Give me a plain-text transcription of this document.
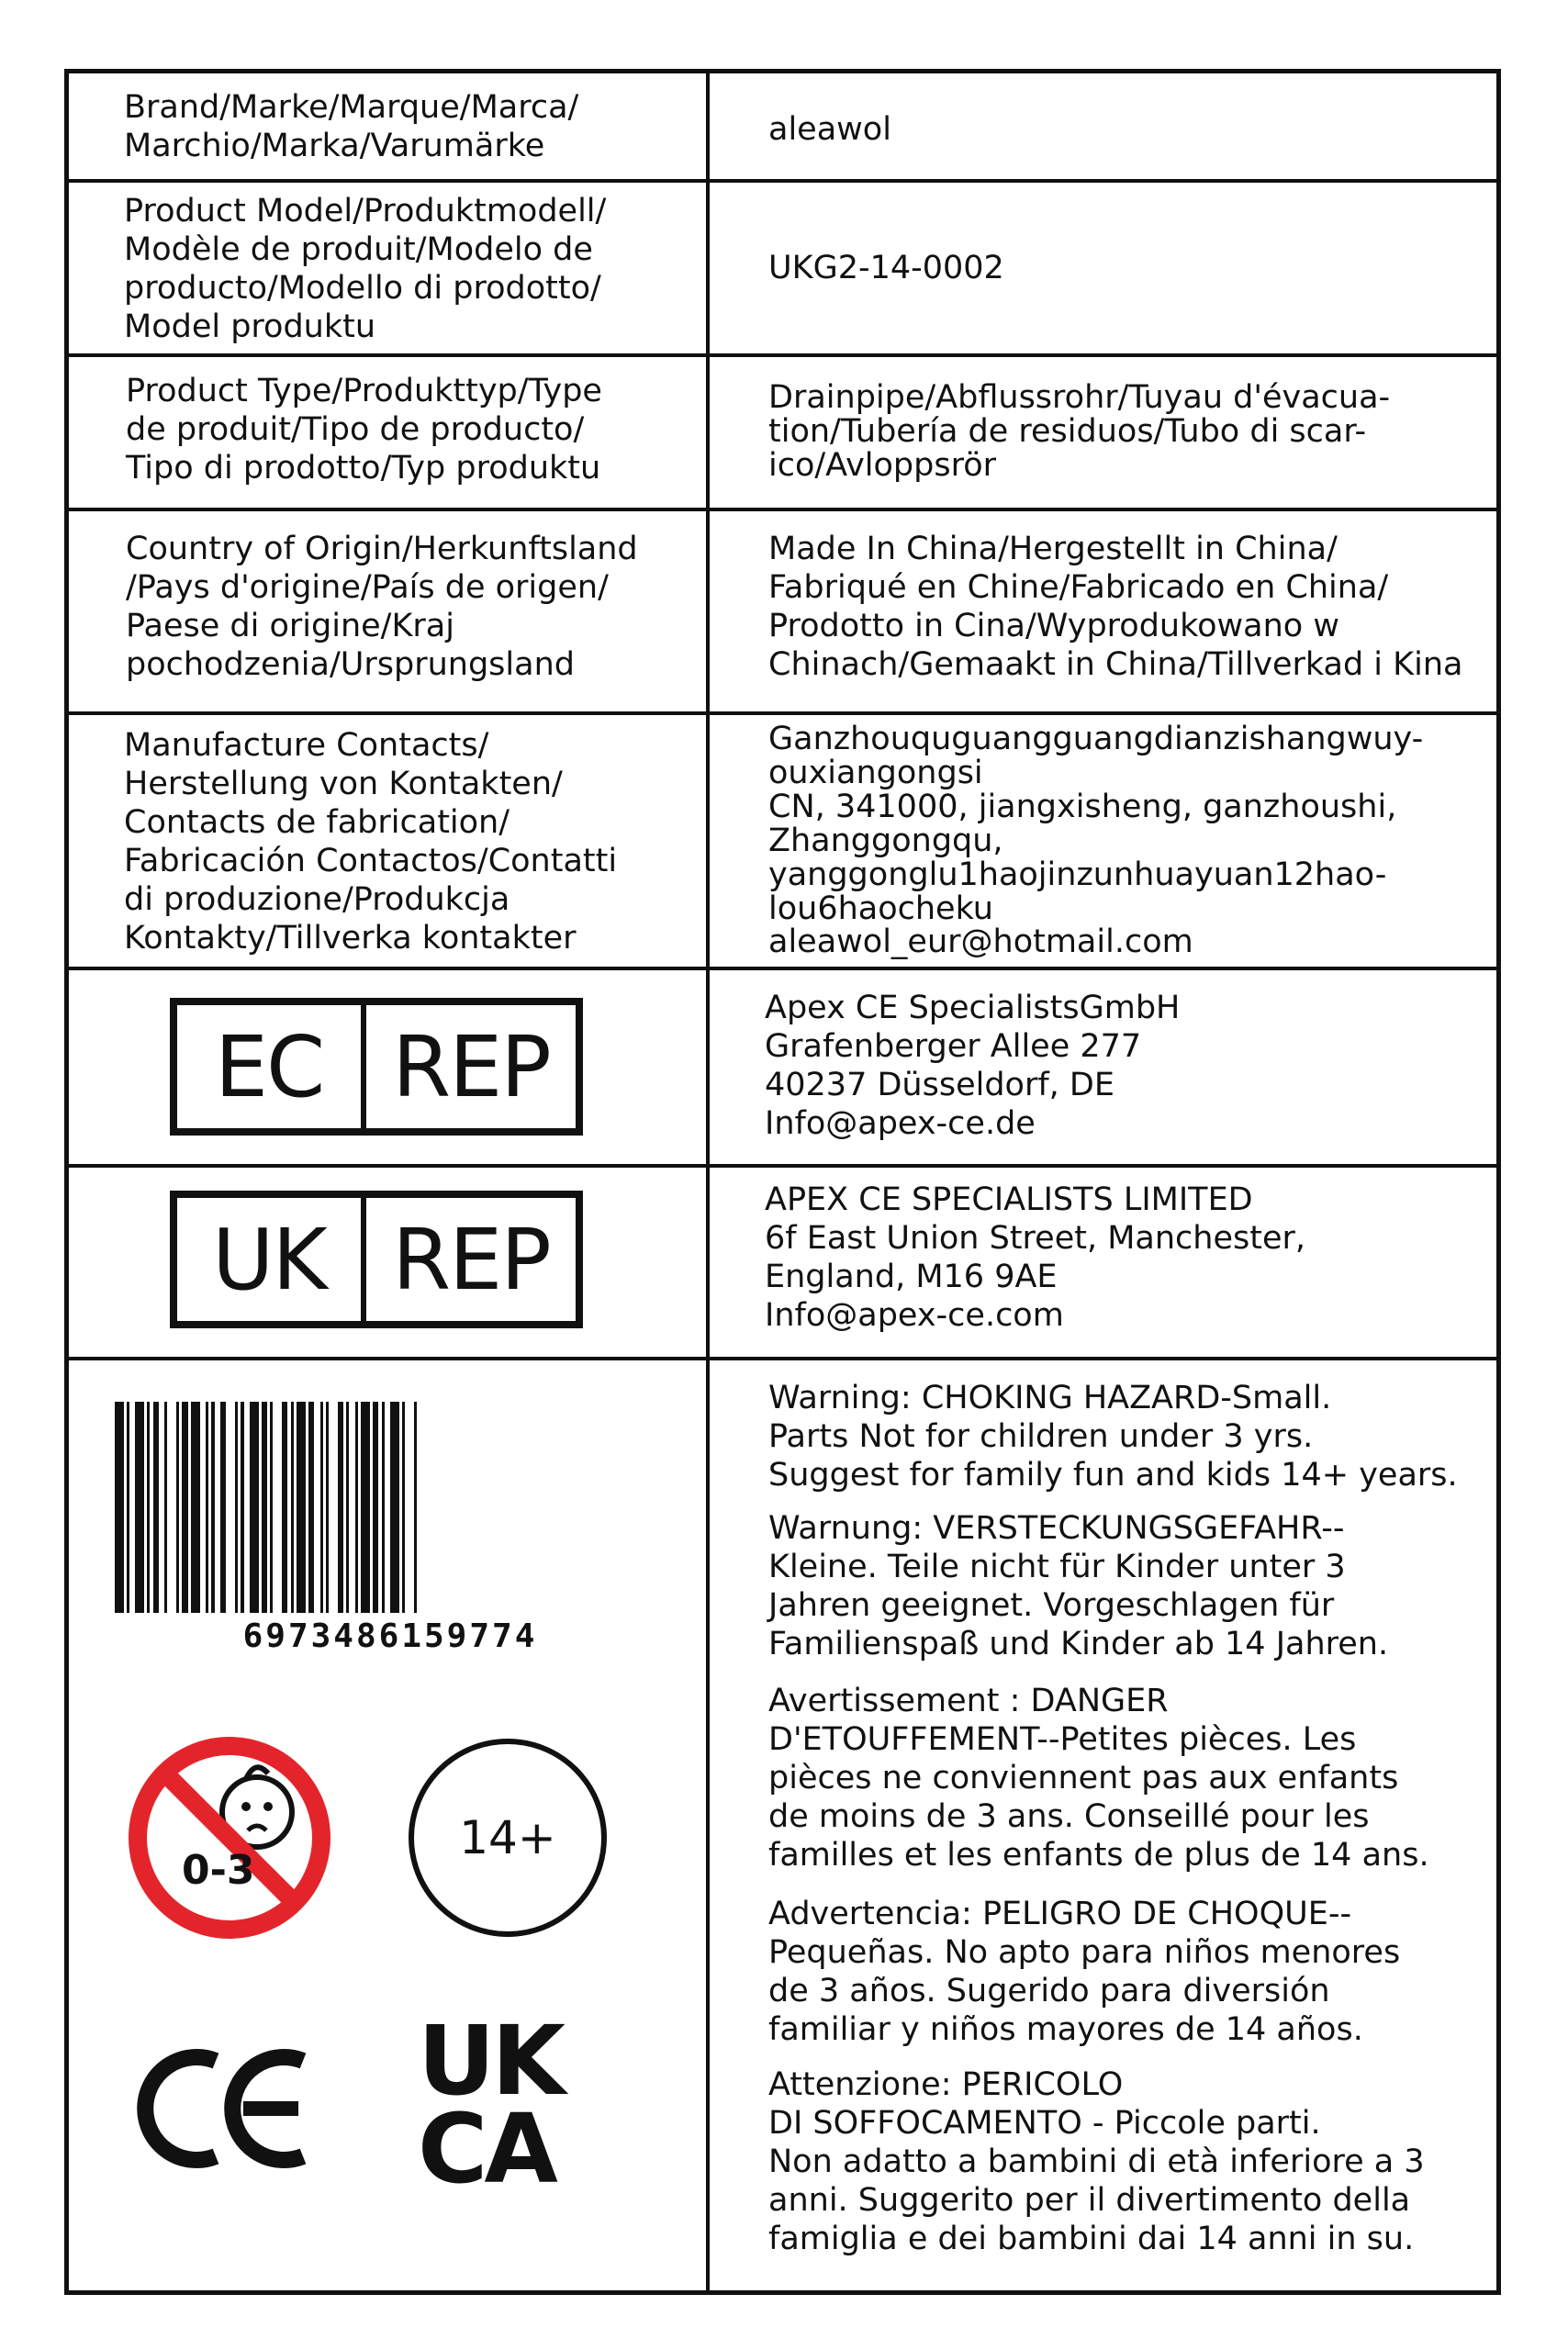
Brand/Marke/Marque/Marca/
Marchio/Marka/Varumärke	aleawol
Product Model/Produktmodell/
Modèle de produit/Modelo de
producto/Modello di prodotto/
Model produktu
UKG2-14-0002
Product Type/Produkttyp/Type
de produit/Tipo de producto/
Tipo di prodotto/Typ produktu
Drainpipe/Abflussrohr/Tuyau d'évacua-
tion/Tubería de residuos/Tubo di scar-
ico/Avloppsrör
Country of Origin/Herkunftsland
/Pays d'origine/País de origen/
Paese di origine/Kraj
pochodzenia/Ursprungsland
Made In China/Hergestellt in China/
Fabriqué en Chine/Fabricado en China/
Prodotto in Cina/Wyprodukowano w
Chinach/Gemaakt in China/Tillverkad i Kina
Manufacture Contacts/
Herstellung von Kontakten/
Contacts de fabrication/
Fabricación Contactos/Contatti
di produzione/Produkcja
Kontakty/Tillverka kontakter
Ganzhouquguangguangdianzishangwuy-
ouxiangongsi
CN, 341000, jiangxisheng, ganzhoushi,
Zhanggongqu,
yanggonglu1haojinzunhuayuan12hao-
lou6haocheku
aleawol_eur@hotmail.com
EC REP
Apex CE SpecialistsGmbH
Grafenberger Allee 277
40237 Düsseldorf, DE
Info@apex-ce.de
UK REP
APEX CE SPECIALISTS LIMITED
6f East Union Street, Manchester,
England, M16 9AE
Info@apex-ce.com
6973486159774
0-3
14+
UK
CA
Warning: CHOKING HAZARD-Small.
Parts Not for children under 3 yrs.
Suggest for family fun and kids 14+ years.
Warnung: VERSTECKUNGSGEFAHR--
Kleine. Teile nicht für Kinder unter 3
Jahren geeignet. Vorgeschlagen für
Familienspaß und Kinder ab 14 Jahren.
Avertissement : DANGER
D'ETOUFFEMENT--Petites pièces. Les
pièces ne conviennent pas aux enfants
de moins de 3 ans. Conseillé pour les
familles et les enfants de plus de 14 ans.
Advertencia: PELIGRO DE CHOQUE--
Pequeñas. No apto para niños menores
de 3 años. Sugerido para diversión
familiar y niños mayores de 14 años.
Attenzione: PERICOLO
DI SOFFOCAMENTO - Piccole parti.
Non adatto a bambini di età inferiore a 3
anni. Suggerito per il divertimento della
famiglia e dei bambini dai 14 anni in su.
